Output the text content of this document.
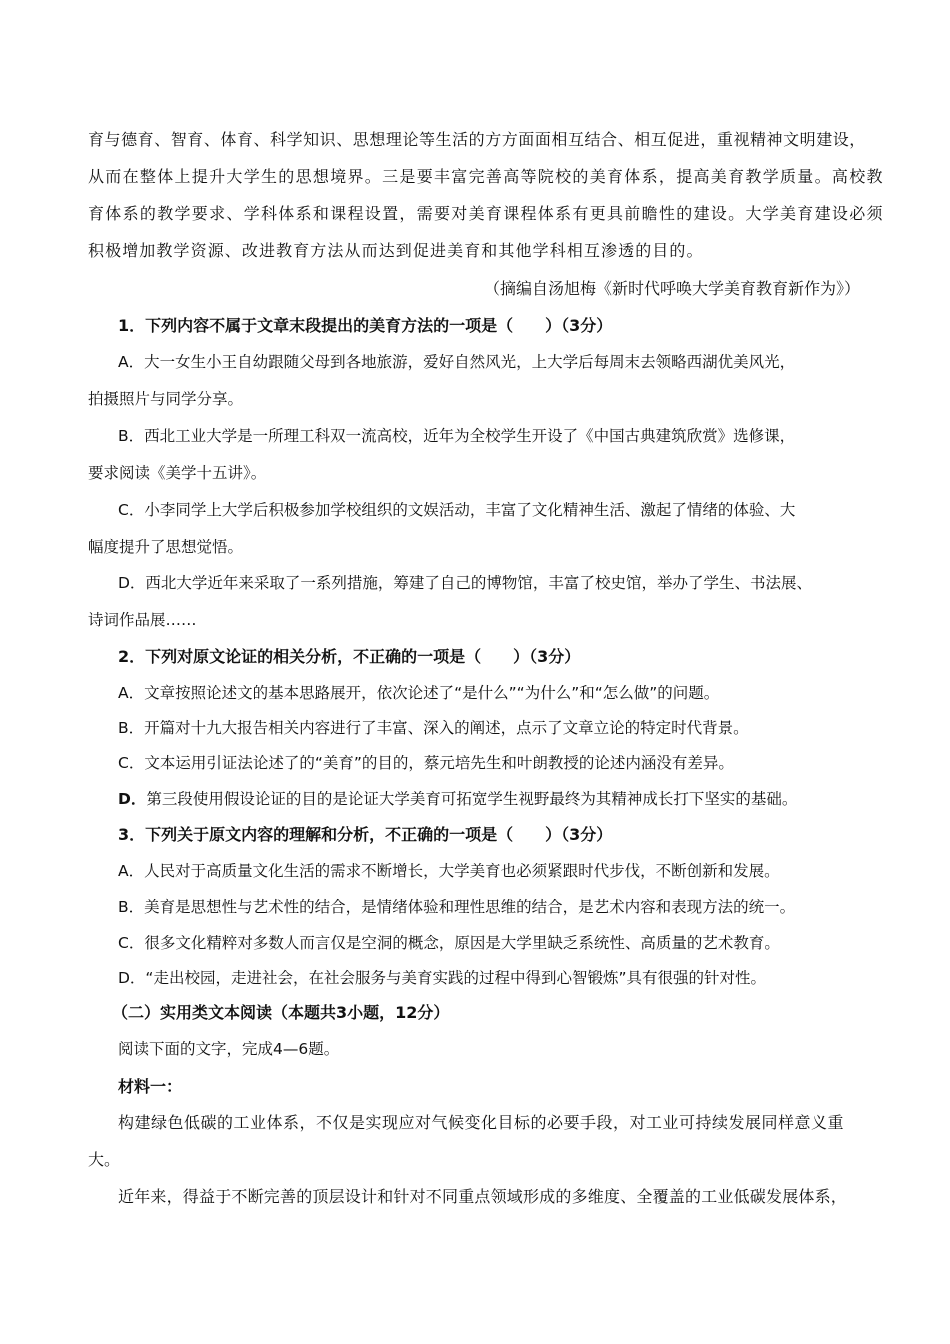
育与德育、智育、体育、科学知识、思想理论等生活的方方面面相互结合、相互促进，重视精神文明建设，
从而在整体上提升大学生的思想境界。三是要丰富完善高等院校的美育体系，提高美育教学质量。高校教
育体系的教学要求、学科体系和课程设置，需要对美育课程体系有更具前瞻性的建设。大学美育建设必须
积极增加教学资源、改进教育方法从而达到促进美育和其他学科相互渗透的目的。
（摘编自汤旭梅《新时代呼唤大学美育教育新作为》）
1．下列内容不属于文章末段提出的美育方法的一项是（　　）（3分）
A．大一女生小王自幼跟随父母到各地旅游，爱好自然风光，上大学后每周末去领略西湖优美风光，
拍摄照片与同学分享。
B．西北工业大学是一所理工科双一流高校，近年为全校学生开设了《中国古典建筑欣赏》选修课，
要求阅读《美学十五讲》。
C．小李同学上大学后积极参加学校组织的文娱活动，丰富了文化精神生活、激起了情绪的体验、大
幅度提升了思想觉悟。
D．西北大学近年来采取了一系列措施，筹建了自己的博物馆，丰富了校史馆，举办了学生、书法展、
诗词作品展……
2．下列对原文论证的相关分析，不正确的一项是（　　）（3分）
A．文章按照论述文的基本思路展开，依次论述了“是什么”“为什么”和“怎么做”的问题。
B．开篇对十九大报告相关内容进行了丰富、深入的阐述，点示了文章立论的特定时代背景。
C．文本运用引证法论述了的“美育”的目的，蔡元培先生和叶朗教授的论述内涵没有差异。
D．第三段使用假设论证的目的是论证大学美育可拓宽学生视野最终为其精神成长打下坚实的基础。
3．下列关于原文内容的理解和分析，不正确的一项是（　　）（3分）
A．人民对于高质量文化生活的需求不断增长，大学美育也必须紧跟时代步伐，不断创新和发展。
B．美育是思想性与艺术性的结合，是情绪体验和理性思维的结合，是艺术内容和表现方法的统一。
C．很多文化精粹对多数人而言仅是空洞的概念，原因是大学里缺乏系统性、高质量的艺术教育。
D．“走出校园，走进社会，在社会服务与美育实践的过程中得到心智锻炼”具有很强的针对性。
（二）实用类文本阅读（本题共3小题，12分）
阅读下面的文字，完成4—6题。
材料一：
构建绿色低碳的工业体系，不仅是实现应对气候变化目标的必要手段，对工业可持续发展同样意义重
大。
近年来，得益于不断完善的顶层设计和针对不同重点领域形成的多维度、全覆盖的工业低碳发展体系，
